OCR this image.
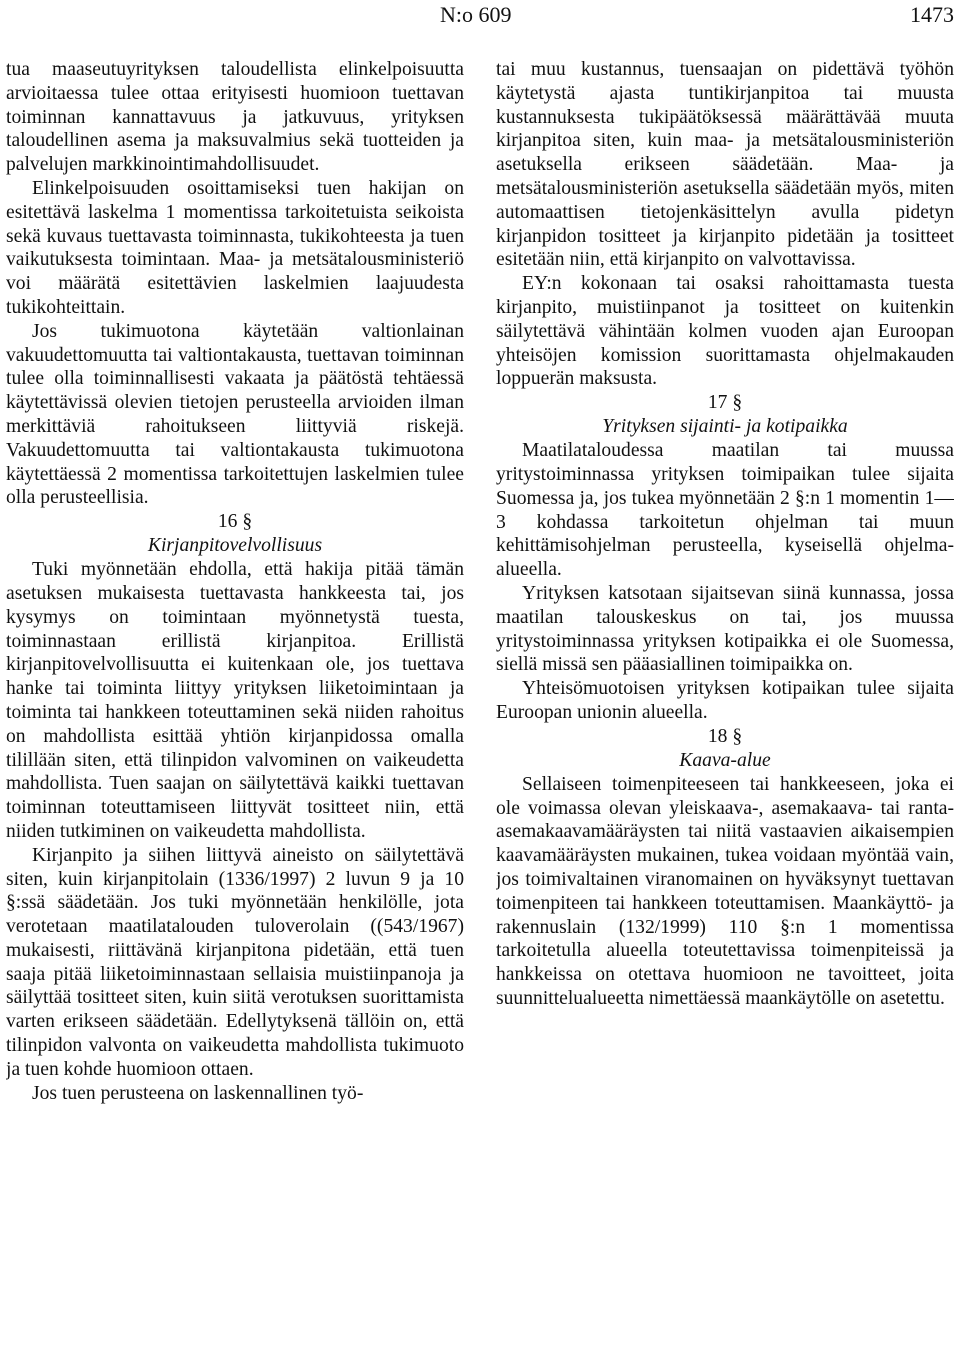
N:o 609	1473

tua maaseutuyrityksen taloudellista elinkelpoisuutta arvioitaessa tulee ottaa erityisesti huomioon tuettavan toiminnan kannattavuus ja jatkuvuus, yrityksen taloudellinen asema ja maksuvalmius sekä tuotteiden ja palvelujen markkinointimahdollisuudet.

Elinkelpoisuuden osoittamiseksi tuen hakijan on esitettävä laskelma 1 momentissa tarkoitetuista seikoista sekä kuvaus tuettavasta toiminnasta, tukikohteesta ja tuen vaikutuksesta toimintaan. Maa- ja metsätalousministeriö voi määrätä esitettävien laskelmien laajuudesta tukikohteittain.

Jos tukimuotona käytetään valtionlainan vakuudettomuutta tai valtiontakausta, tuettavan toiminnan tulee olla toiminnallisesti vakaata ja päätöstä tehtäessä käytettävissä olevien tietojen perusteella arvioiden ilman merkittäviä rahoitukseen liittyviä riskejä. Vakuudettomuutta tai valtiontakausta tukimuotona käytettäessä 2 momentissa tarkoitettujen laskelmien tulee olla perusteellisia.

16 §

Kirjanpitovelvollisuus

Tuki myönnetään ehdolla, että hakija pitää tämän asetuksen mukaisesta tuettavasta hankkeesta tai, jos kysymys on toimintaan myönnetystä tuesta, toiminnastaan erillistä kirjanpitoa. Erillistä kirjanpitovelvollisuutta ei kuitenkaan ole, jos tuettava hanke tai toiminta liittyy yrityksen liiketoimintaan ja toiminta tai hankkeen toteuttaminen sekä niiden rahoitus on mahdollista esittää yhtiön kirjanpidossa omalla tilillään siten, että tilinpidon valvominen on vaikeudetta mahdollista. Tuen saajan on säilytettävä kaikki tuettavan toiminnan toteuttamiseen liittyvät tositteet niin, että niiden tutkiminen on vaikeudetta mahdollista.

Kirjanpito ja siihen liittyvä aineisto on säilytettävä siten, kuin kirjanpitolain (1336/1997) 2 luvun 9 ja 10 §:ssä säädetään. Jos tuki myönnetään henkilölle, jota verotetaan maatilatalouden tuloverolain ((543/1967) mukaisesti, riittävänä kirjanpitona pidetään, että tuen saaja pitää liiketoiminnastaan sellaisia muistiinpanoja ja säilyttää tositteet siten, kuin siitä verotuksen suorittamista varten erikseen säädetään. Edellytyksenä tällöin on, että tilinpidon valvonta on vaikeudetta mahdollista tukimuoto ja tuen kohde huomioon ottaen.

Jos tuen perusteena on laskennallinen työ-

tai muu kustannus, tuensaajan on pidettävä työhön käytetystä ajasta tuntikirjanpitoa tai muusta kustannuksesta tukipäätöksessä määrättävää muuta kirjanpitoa siten, kuin maa- ja metsätalousministeriön asetuksella erikseen säädetään. Maa- ja metsätalousministeriön asetuksella säädetään myös, miten automaattisen tietojenkäsittelyn avulla pidetyn kirjanpidon tositteet ja kirjanpito pidetään ja tositteet esitetään niin, että kirjanpito on valvottavissa.

EY:n kokonaan tai osaksi rahoittamasta tuesta kirjanpito, muistiinpanot ja tositteet on kuitenkin säilytettävä vähintään kolmen vuoden ajan Euroopan yhteisöjen komission suorittamasta ohjelmakauden loppuerän maksusta.

17 §

Yrityksen sijainti- ja kotipaikka

Maatilataloudessa maatilan tai muussa yritystoiminnassa yrityksen toimipaikan tulee sijaita Suomessa ja, jos tukea myönnetään 2 §:n 1 momentin 1—3 kohdassa tarkoitetun ohjelman tai muun kehittämisohjelman perusteella, kyseisellä ohjelma-alueella.

Yrityksen katsotaan sijaitsevan siinä kunnassa, jossa maatilan talouskeskus on tai, jos muussa yritystoiminnassa yrityksen kotipaikka ei ole Suomessa, siellä missä sen pääasiallinen toimipaikka on.

Yhteisömuotoisen yrityksen kotipaikan tulee sijaita Euroopan unionin alueella.

18 §

Kaava-alue

Sellaiseen toimenpiteeseen tai hankkeeseen, joka ei ole voimassa olevan yleiskaava-, asemakaava- tai ranta-asemakaavamääräysten tai niitä vastaavien aikaisempien kaavamääräysten mukainen, tukea voidaan myöntää vain, jos toimivaltainen viranomainen on hyväksynyt tuettavan toimenpiteen tai hankkeen toteuttamisen. Maankäyttö- ja rakennuslain (132/1999) 110 §:n 1 momentissa tarkoitetulla alueella toteutettavissa toimenpiteissä ja hankkeissa on otettava huomioon ne tavoitteet, joita suunnittelualueetta nimettäessä maankäytölle on asetettu.
